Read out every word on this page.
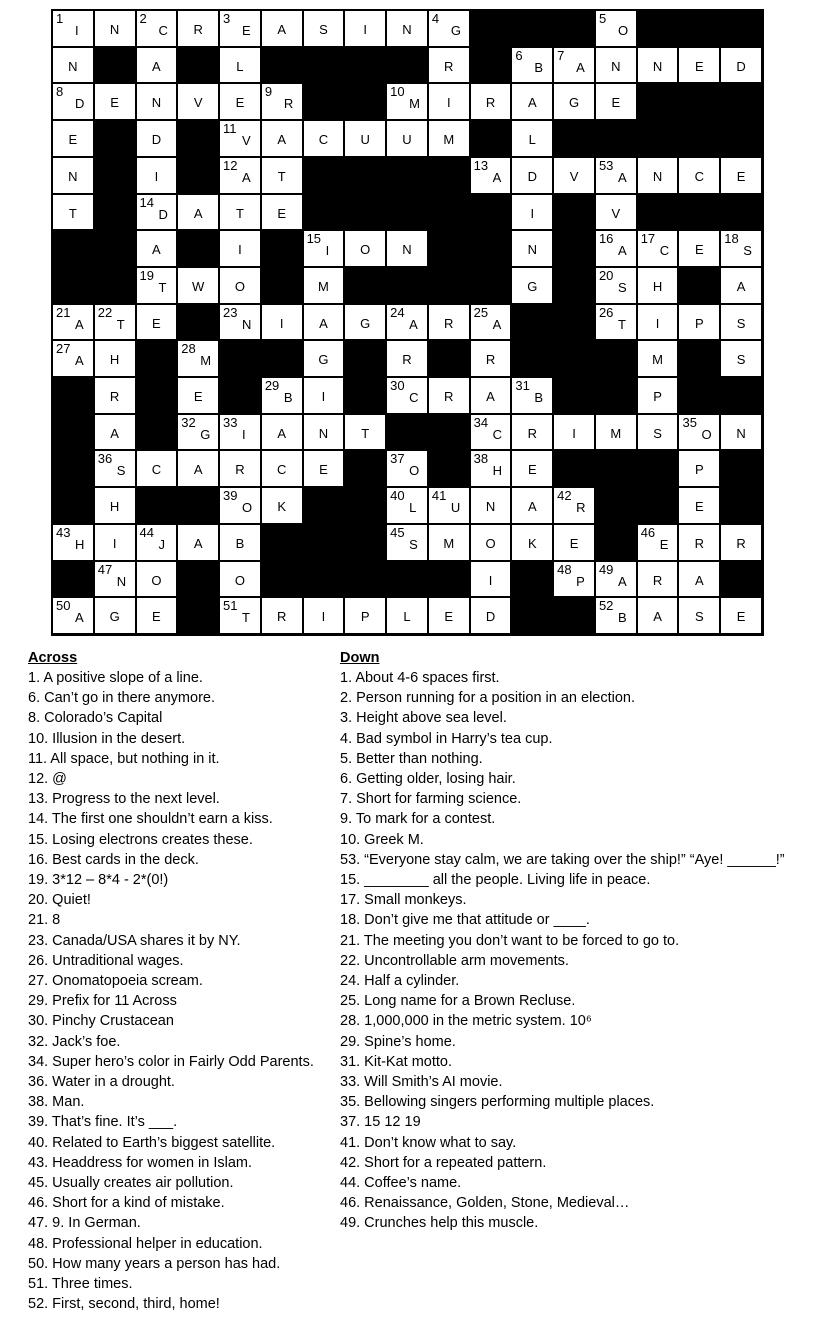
1
I	N
2
C	R
3
E	A	S	I	N
4
G
5
O
N	A	L	R
6
B
7
A	N	N	E	D
8
D	E	N	V	E
9
R
10
M	I	R	A	G	E
E	D
11
V	A	C	U	U	M	L
N	I
12
A	T
13
A	D	V
53
A	N	C	E
T
14
D	A	T	E	I	V
A	I
15
I	O	N	N
16
A
17
C	E
18
S
19
T	W	O	M	G
20
S	H	A
21
A
22
T	E
23
N	I	A	G
24
A	R
25
A
26
T	I	P	S
27
A	H
28
M	G	R	R	M	S
R	E
29
B	I
30
C	R	A
31
B	P
A
32
G
33
I	A	N	T
34
C	R	I	M	S
35
O	N
36
S	C	A	R	C	E
37
O
38
H	E	P
H
39
O	K
40
L
41
U	N	A
42
R	E
43
H	I
44
J	A	B
45
S	M	O	K	E
46
E	R	R
47
N	O	O	I
48
P
49
A	R	A
50
A	G	E
51
T	R	I	P	L	E	D
52
B	A	S	E
Across
1. A positive slope of a line.
6. Can’t go in there anymore.
8. Colorado’s Capital
10. Illusion in the desert.
11. All space, but nothing in it.
12. @
13. Progress to the next level.
14. The first one shouldn’t earn a kiss.
15. Losing electrons creates these.
16. Best cards in the deck.
19. 3*12 – 8*4 - 2*(0!)
20. Quiet!
21. 8
23. Canada/USA shares it by NY.
26. Untraditional wages.
27. Onomatopoeia scream.
29. Prefix for 11 Across
30. Pinchy Crustacean
32. Jack’s foe.
34. Super hero’s color in Fairly Odd Parents.
36. Water in a drought.
38. Man.
39. That’s fine. It’s ___.
40. Related to Earth’s biggest satellite.
43. Headdress for women in Islam.
45. Usually creates air pollution.
46. Short for a kind of mistake.
47. 9. In German.
48. Professional helper in education.
50. How many years a person has had.
51. Three times.
52. First, second, third, home!
Down
1. About 4-6 spaces first.
2. Person running for a position in an election.
3. Height above sea level.
4. Bad symbol in Harry’s tea cup.
5. Better than nothing.
6. Getting older, losing hair.
7. Short for farming science.
9. To mark for a contest.
10. Greek M.
53. “Everyone stay calm, we are taking over the ship!” “Aye! ______!”
15. ________ all the people. Living life in peace.
17. Small monkeys.
18. Don’t give me that attitude or ____.
21. The meeting you don’t want to be forced to go to.
22. Uncontrollable arm movements.
24. Half a cylinder.
25. Long name for a Brown Recluse.
28. 1,000,000 in the metric system. 10⁶
29. Spine’s home.
31. Kit-Kat motto.
33. Will Smith’s AI movie.
35. Bellowing singers performing multiple places.
37. 15 12 19
41. Don’t know what to say.
42. Short for a repeated pattern.
44. Coffee’s name.
46. Renaissance, Golden, Stone, Medieval…
49. Crunches help this muscle.
